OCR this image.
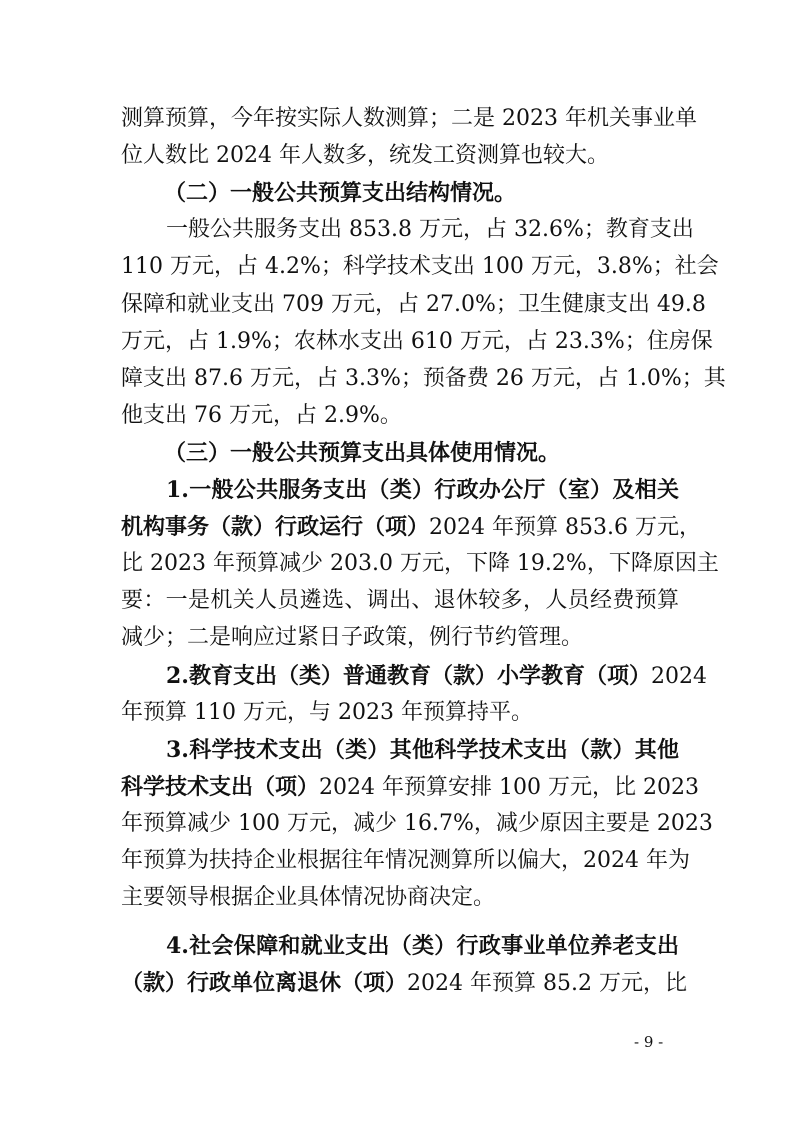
测算预算，今年按实际人数测算；二是 2023 年机关事业单
位人数比 2024 年人数多，统发工资测算也较大。
（二）一般公共预算支出结构情况。
一般公共服务支出 853.8 万元，占 32.6%；教育支出
110 万元，占 4.2%；科学技术支出 100 万元，3.8%；社会
保障和就业支出 709 万元，占 27.0%；卫生健康支出 49.8
万元，占 1.9%；农林水支出 610 万元，占 23.3%；住房保
障支出 87.6 万元，占 3.3%；预备费 26 万元，占 1.0%；其
他支出 76 万元，占 2.9%。
（三）一般公共预算支出具体使用情况。
1.一般公共服务支出（类）行政办公厅（室）及相关
机构事务（款）行政运行（项）2024 年预算 853.6 万元，
比 2023 年预算减少 203.0 万元，下降 19.2%，下降原因主
要：一是机关人员遴选、调出、退休较多，人员经费预算
减少；二是响应过紧日子政策，例行节约管理。
2.教育支出（类）普通教育（款）小学教育（项）2024
年预算 110 万元，与 2023 年预算持平。
3.科学技术支出（类）其他科学技术支出（款）其他
科学技术支出（项）2024 年预算安排 100 万元，比 2023
年预算减少 100 万元，减少 16.7%，减少原因主要是 2023
年预算为扶持企业根据往年情况测算所以偏大，2024 年为
主要领导根据企业具体情况协商决定。
4.社会保障和就业支出（类）行政事业单位养老支出
（款）行政单位离退休（项）2024 年预算 85.2 万元，比
- 9 -
